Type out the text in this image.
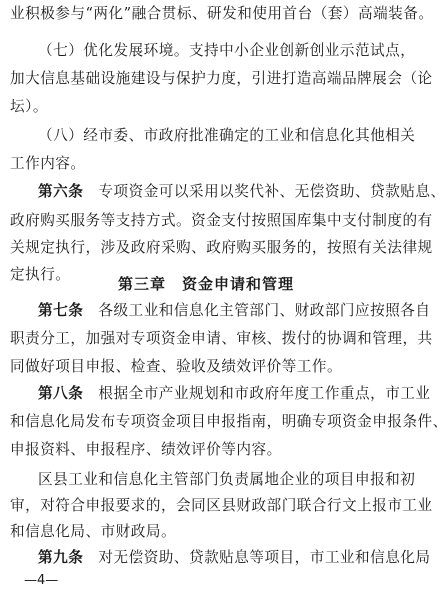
业积极参与“两化”融合贯标、研发和使用首台（套）高端装备。
（七）优化发展环境。支持中小企业创新创业示范试点，
加大信息基础设施建设与保护力度，引进打造高端品牌展会（论
坛）。
（八）经市委、市政府批准确定的工业和信息化其他相关
工作内容。
第六条　 专项资金可以采用以奖代补、无偿资助、贷款贴息、
政府购买服务等支持方式。资金支付按照国库集中支付制度的有
关规定执行，涉及政府采购、政府购买服务的，按照有关法律规
定执行。
第七条　 各级工业和信息化主管部门、财政部门应按照各自
职责分工，加强对专项资金申请、审核、拨付的协调和管理，共
同做好项目申报、检查、验收及绩效评价等工作。
第八条　 根据全市产业规划和市政府年度工作重点，市工业
和信息化局发布专项资金项目申报指南，明确专项资金申报条件、
申报资料、申报程序、绩效评价等内容。
区县工业和信息化主管部门负责属地企业的项目申报和初
审，对符合申报要求的，会同区县财政部门联合行文上报市工业
和信息化局、市财政局。
第九条　 对无偿资助、贷款贴息等项目，市工业和信息化局
第三章　资金申请和管理
—4—
